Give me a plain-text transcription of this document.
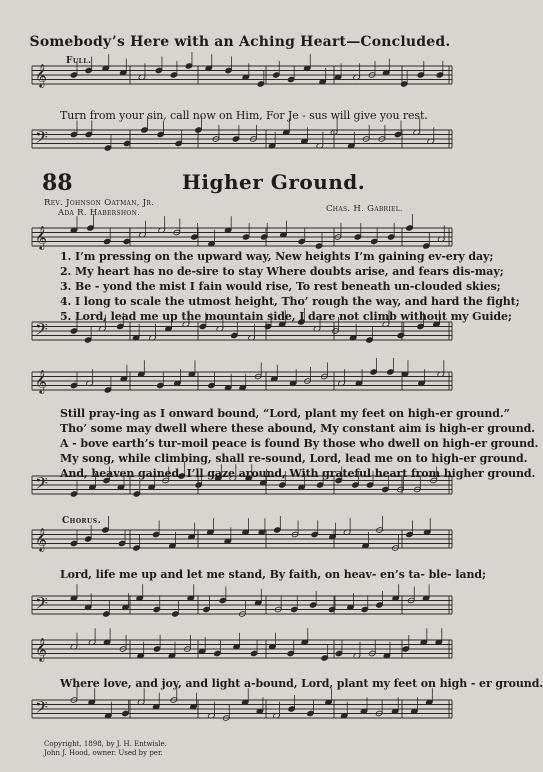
𝄞
𝄢
𝄞
𝄢
𝄞
𝄢
𝄞
𝄢
𝄞
𝄢
Somebody’s Here with an Aching Heart—Concluded.
Full.
Turn from your sin, call now on Him, For Je - sus will give you rest.
88	Higher Ground.
Rev. Johnson Oatman, Jr.
Ada R. Habershon.	Chas. H. Gabriel.
1. I’m pressing on the upward way, New heights I’m gaining ev-ery day;
2. My heart has no de-sire to stay Where doubts arise, and fears dis-may;
3. Be - yond the mist I fain would rise, To rest beneath un-clouded skies;
4. I long to scale the utmost height, Tho’ rough the way, and hard the fight;
5. Lord, lead me up the mountain side, I dare not climb without my Guide;
Still pray-ing as I onward bound, “Lord, plant my feet on high-er ground.”
Tho’ some may dwell where these abound, My constant aim is high-er ground.
A - bove earth’s tur-moil peace is found By those who dwell on high-er ground.
My song, while climbing, shall re-sound, Lord, lead me on to high-er ground.
And, heaven gained, I’ll gaze around, With grateful heart from higher ground.
Chorus.
Lord, life me up and let me stand, By faith, on heav- en’s ta- ble- land;
Where love, and joy, and light a-bound, Lord, plant my feet on high - er ground.
Copyright, 1898, by J. H. Entwisle.
John J. Hood, owner. Used by per.
